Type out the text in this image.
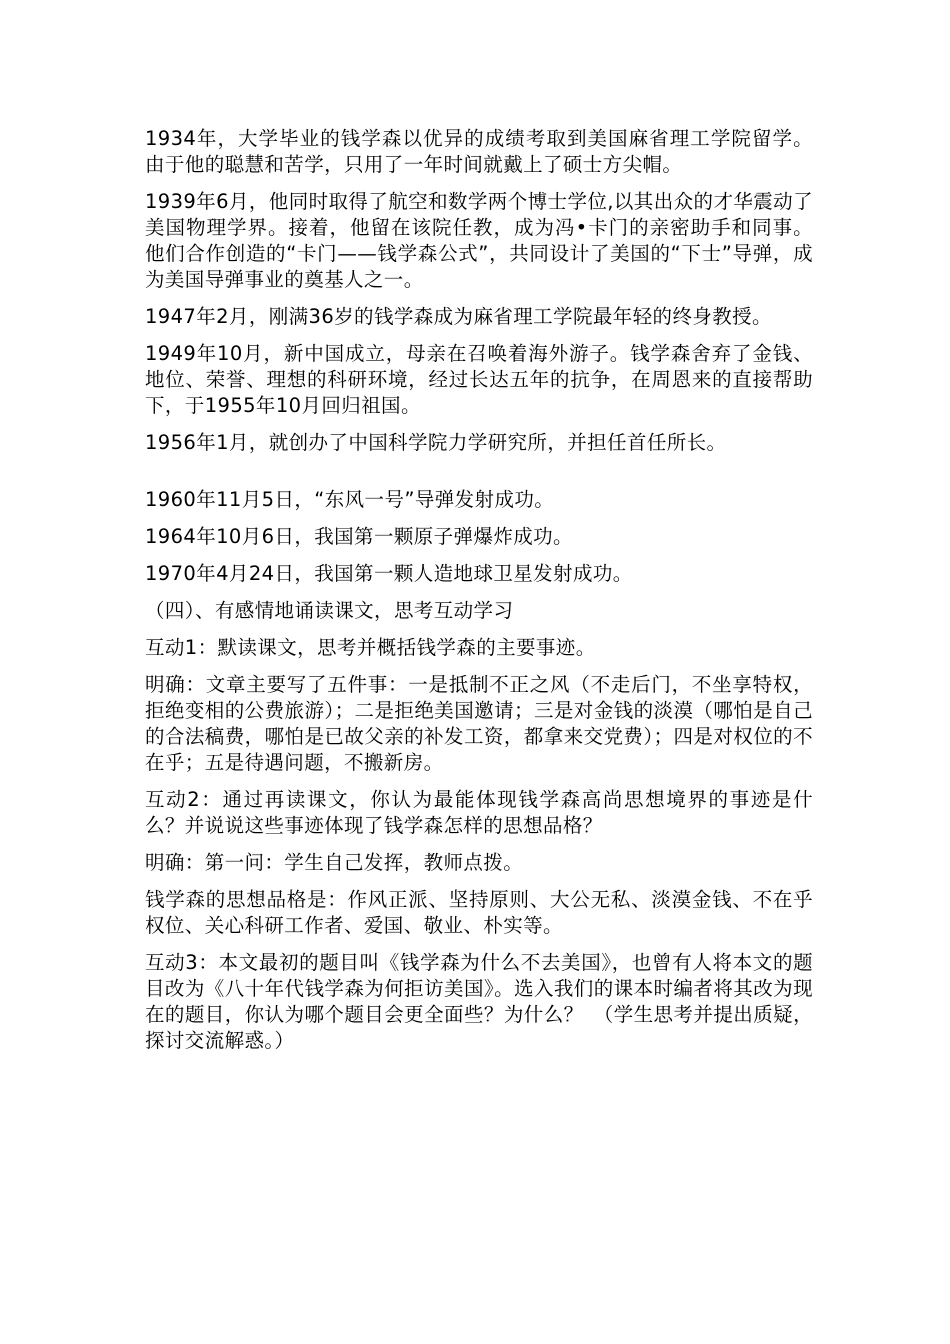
1934年，大学毕业的钱学森以优异的成绩考取到美国麻省理工学院留学。由于他的聪慧和苦学，只用了一年时间就戴上了硕士方尖帽。

1939年6月，他同时取得了航空和数学两个博士学位,以其出众的才华震动了美国物理学界。接着，他留在该院任教，成为冯•卡门的亲密助手和同事。他们合作创造的“卡门——钱学森公式”，共同设计了美国的“下士”导弹，成为美国导弹事业的奠基人之一。

1947年2月，刚满36岁的钱学森成为麻省理工学院最年轻的终身教授。

1949年10月，新中国成立，母亲在召唤着海外游子。钱学森舍弃了金钱、地位、荣誉、理想的科研环境，经过长达五年的抗争，在周恩来的直接帮助下，于1955年10月回归祖国。

1956年1月，就创办了中国科学院力学研究所，并担任首任所长。

1960年11月5日，“东风一号”导弹发射成功。

1964年10月6日，我国第一颗原子弹爆炸成功。

1970年4月24日，我国第一颗人造地球卫星发射成功。

（四）、有感情地诵读课文，思考互动学习

互动1：默读课文，思考并概括钱学森的主要事迹。

明确：文章主要写了五件事：一是抵制不正之风（不走后门，不坐享特权，拒绝变相的公费旅游）；二是拒绝美国邀请；三是对金钱的淡漠（哪怕是自己的合法稿费，哪怕是已故父亲的补发工资，都拿来交党费）；四是对权位的不在乎；五是待遇问题，不搬新房。

互动2：通过再读课文，你认为最能体现钱学森高尚思想境界的事迹是什么？并说说这些事迹体现了钱学森怎样的思想品格？

明确：第一问：学生自己发挥，教师点拨。

钱学森的思想品格是：作风正派、坚持原则、大公无私、淡漠金钱、不在乎权位、关心科研工作者、爱国、敬业、朴实等。

互动3：本文最初的题目叫《钱学森为什么不去美国》，也曾有人将本文的题目改为《八十年代钱学森为何拒访美国》。选入我们的课本时编者将其改为现在的题目，你认为哪个题目会更全面些？为什么？　（学生思考并提出质疑，探讨交流解惑。）
